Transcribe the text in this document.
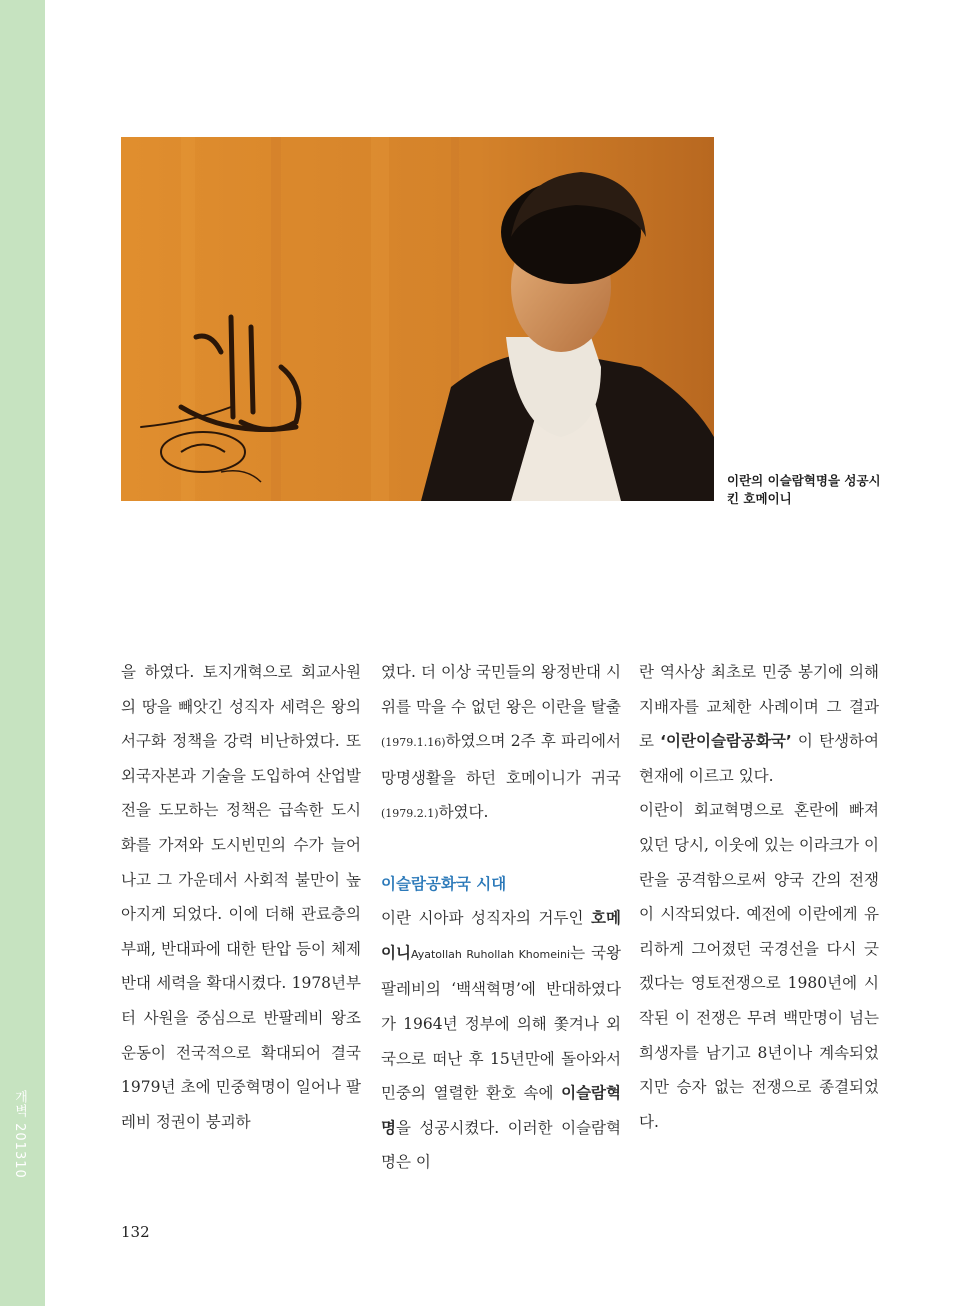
개벽 201310
이란의 이슬람혁명을 성공시
킨 호메이니

을 하였다. 토지개혁으로 회교사원의 땅을 빼앗긴 성직자 세력은 왕의 서구화 정책을 강력 비난하였다. 또 외국자본과 기술을 도입하여 산업발전을 도모하는 정책은 급속한 도시화를 가져와 도시빈민의 수가 늘어나고 그 가운데서 사회적 불만이 높아지게 되었다. 이에 더해 관료층의 부패, 반대파에 대한 탄압 등이 체제반대 세력을 확대시켰다. 1978년부터 사원을 중심으로 반팔레비 왕조 운동이 전국적으로 확대되어 결국 1979년 초에 민중혁명이 일어나 팔레비 정권이 붕괴하

였다. 더 이상 국민들의 왕정반대 시위를 막을 수 없던 왕은 이란을 탈출(1979.1.16)하였으며 2주 후 파리에서 망명생활을 하던 호메이니가 귀국(1979.2.1)하였다.

이슬람공화국 시대

이란 시아파 성직자의 거두인 호메이니Ayatollah Ruhollah Khomeini는 국왕 팔레비의 ‘백색혁명’에 반대하였다가 1964년 정부에 의해 쫓겨나 외국으로 떠난 후 15년만에 돌아와서 민중의 열렬한 환호 속에 이슬람혁명을 성공시켰다. 이러한 이슬람혁명은 이

란 역사상 최초로 민중 봉기에 의해 지배자를 교체한 사례이며 그 결과로 ‘이란이슬람공화국’ 이 탄생하여 현재에 이르고 있다.

이란이 회교혁명으로 혼란에 빠져 있던 당시, 이웃에 있는 이라크가 이란을 공격함으로써 양국 간의 전쟁이 시작되었다. 예전에 이란에게 유리하게 그어졌던 국경선을 다시 긋겠다는 영토전쟁으로 1980년에 시작된 이 전쟁은 무려 백만명이 넘는 희생자를 남기고 8년이나 계속되었지만 승자 없는 전쟁으로 종결되었다.

132
